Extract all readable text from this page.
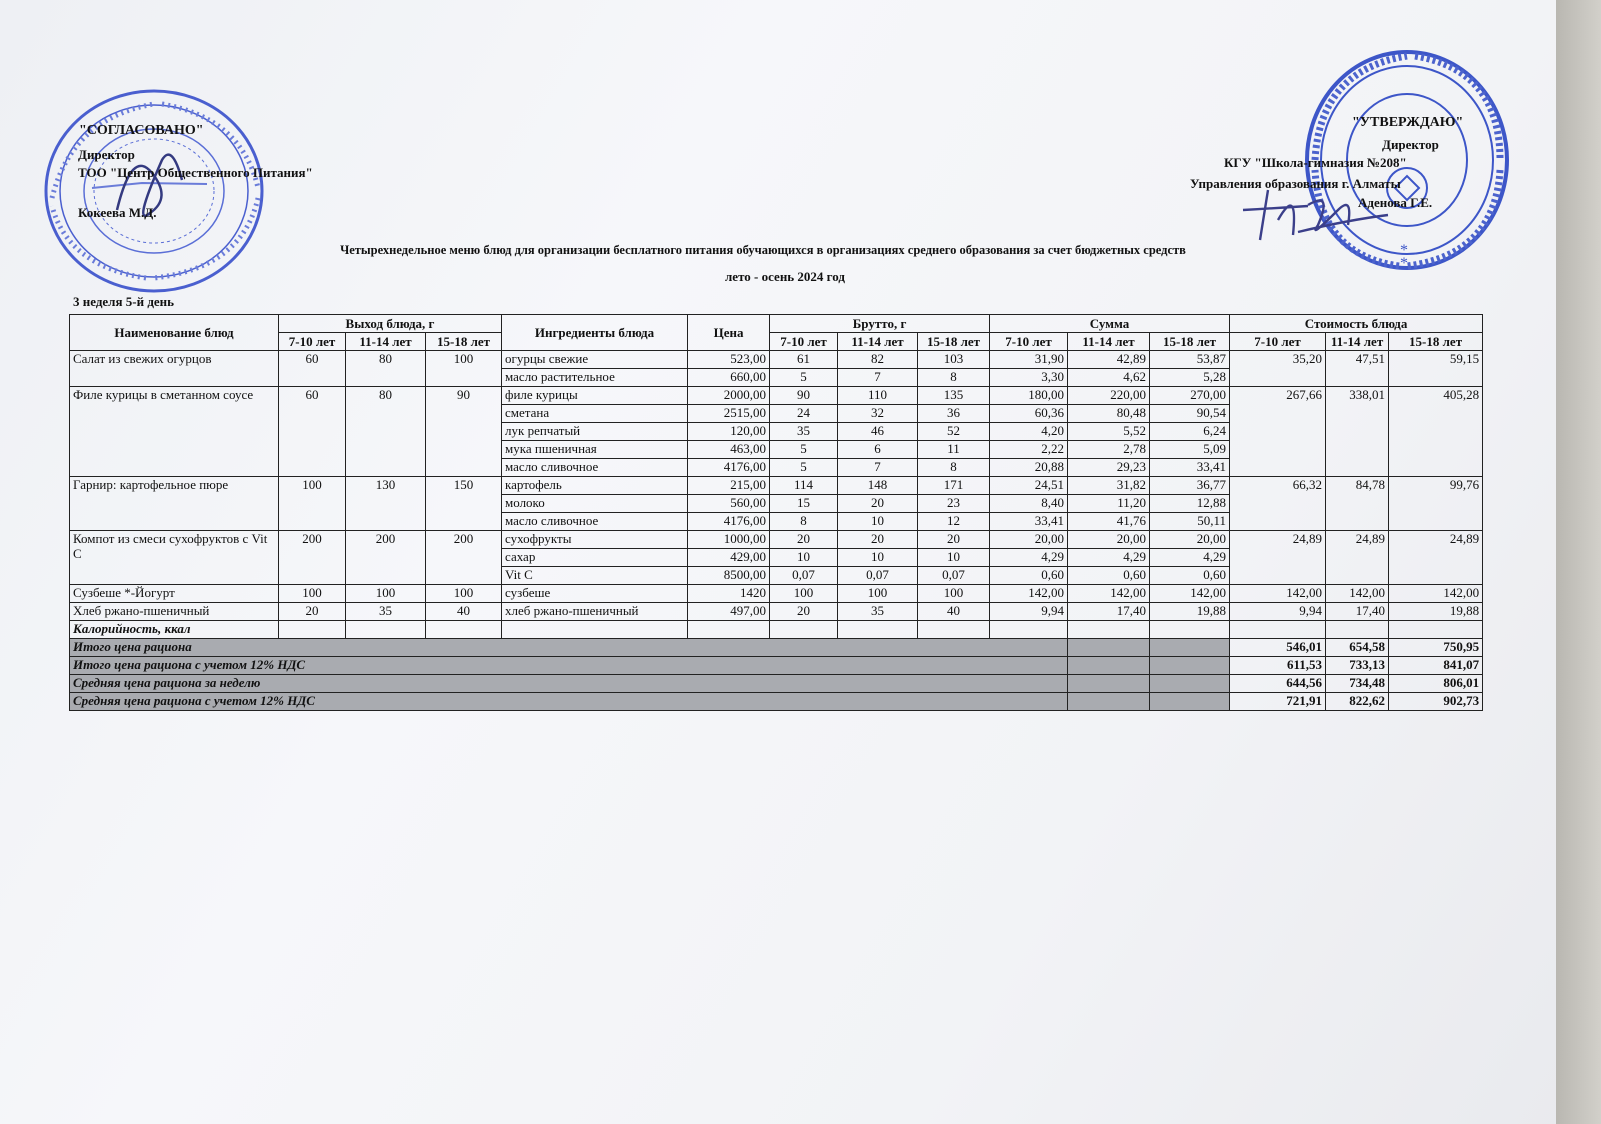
*
*
"СОГЛАСОВАНО"
Директор
ТОО "Центр Общественного Питания"
Кокеева М.Д.
"УТВЕРЖДАЮ"
Директор
КГУ "Школа-гимназия №208"
Управления образования г. Алматы
Аденова Г.Е.
Четырехнедельное меню блюд для организации бесплатного питания обучающихся в организациях среднего образования за счет бюджетных средств
лето - осень 2024 год
3 неделя 5-й день
Наименование блюд	Выход блюда, г			Ингредиенты блюда	Цена	Брутто, г			Сумма			Стоимость блюда		
	7-10 лет	11-14 лет	15-18 лет			7-10 лет	11-14 лет	15-18 лет	7-10 лет	11-14 лет	15-18 лет	7-10 лет	11-14 лет	15-18 лет
Салат из свежих огурцов	60	80	100	огурцы свежие	523,00	61	82	103	31,90	42,89	53,87	35,20	47,51	59,15
				масло растительное	660,00	5	7	8	3,30	4,62	5,28			
Филе курицы в сметанном соусе	60	80	90	филе курицы	2000,00	90	110	135	180,00	220,00	270,00	267,66	338,01	405,28
				сметана	2515,00	24	32	36	60,36	80,48	90,54			
				лук репчатый	120,00	35	46	52	4,20	5,52	6,24			
				мука пшеничная	463,00	5	6	11	2,22	2,78	5,09			
				масло сливочное	4176,00	5	7	8	20,88	29,23	33,41			
Гарнир: картофельное пюре	100	130	150	картофель	215,00	114	148	171	24,51	31,82	36,77	66,32	84,78	99,76
				молоко	560,00	15	20	23	8,40	11,20	12,88			
				масло сливочное	4176,00	8	10	12	33,41	41,76	50,11			
Компот из смеси сухофруктов с Vit C	200	200	200	сухофрукты	1000,00	20	20	20	20,00	20,00	20,00	24,89	24,89	24,89
				сахар	429,00	10	10	10	4,29	4,29	4,29			
				Vit C	8500,00	0,07	0,07	0,07	0,60	0,60	0,60			
Сузбеше *-Йогурт	100	100	100	сузбеше	1420	100	100	100	142,00	142,00	142,00	142,00	142,00	142,00
Хлеб ржано-пшеничный	20	35	40	хлеб ржано-пшеничный	497,00	20	35	40	9,94	17,40	19,88	9,94	17,40	19,88
Калорийность, ккал														
Итого цена рациона												546,01	654,58	750,95
Итого цена рациона с учетом 12% НДС												611,53	733,13	841,07
Средняя цена рациона за неделю												644,56	734,48	806,01
Средняя цена рациона с учетом 12% НДС												721,91	822,62	902,73
